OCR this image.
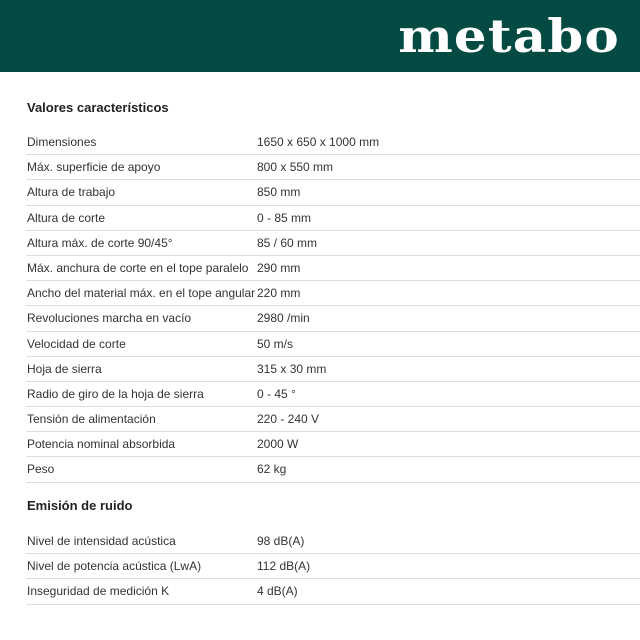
metabo
Valores característicos
Dimensiones	1650 x 650 x 1000 mm
Máx. superficie de apoyo	800 x 550 mm
Altura de trabajo	850 mm
Altura de corte	0 - 85 mm
Altura máx. de corte 90/45°	85 / 60 mm
Máx. anchura de corte en el tope paralelo 290 mm
Ancho del material máx. en el tope angular 220 mm
Revoluciones marcha en vacío	2980 /min
Velocidad de corte	50 m/s
Hoja de sierra	315 x 30 mm
Radio de giro de la hoja de sierra	0 - 45 °
Tensión de alimentación	220 - 240 V
Potencia nominal absorbida	2000 W
Peso	62 kg
Emisión de ruido
Nivel de intensidad acústica	98 dB(A)
Nivel de potencia acústica (LwA)	112 dB(A)
Inseguridad de medición K	4 dB(A)
